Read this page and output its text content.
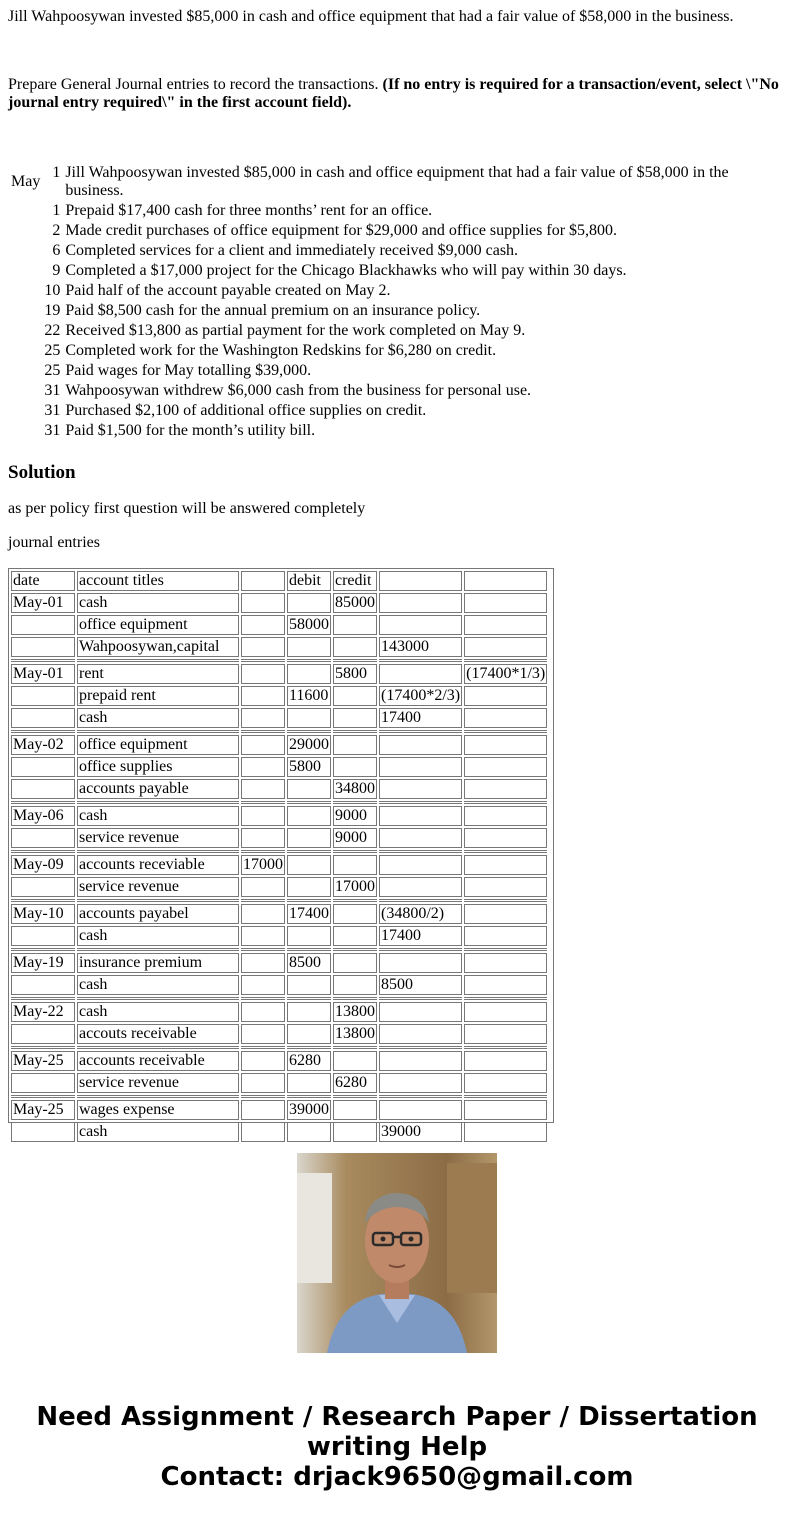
Jill Wahpoosywan invested $85,000 in cash and office equipment that had a fair value of $58,000 in the business.

Prepare General Journal entries to record the transactions. (If no entry is required for a transaction/event, select \"No journal entry required\" in the first account field).

May	1	Jill Wahpoosywan invested $85,000 in cash and office equipment that had a fair value of $58,000 in the business.
	1	Prepaid $17,400 cash for three months’ rent for an office.
	2	Made credit purchases of office equipment for $29,000 and office supplies for $5,800.
	6	Completed services for a client and immediately received $9,000 cash.
	9	Completed a $17,000 project for the Chicago Blackhawks who will pay within 30 days.
	10	Paid half of the account payable created on May 2.
	19	Paid $8,500 cash for the annual premium on an insurance policy.
	22	Received $13,800 as partial payment for the work completed on May 9.
	25	Completed work for the Washington Redskins for $6,280 on credit.
	25	Paid wages for May totalling $39,000.
	31	Wahpoosywan withdrew $6,000 cash from the business for personal use.
	31	Purchased $2,100 of additional office supplies on credit.
	31	Paid $1,500 for the month’s utility bill.
Solution

as per policy first question will be answered completely

journal entries

date	account titles		debit	credit		
May-01	cash			85000		
	office equipment		58000			
	Wahpoosywan,capital				143000	

May-01	rent			5800		(17400*1/3)
	prepaid rent		11600		(17400*2/3)	
	cash				17400	

May-02	office equipment		29000			
	office supplies		5800			
	accounts payable			34800		

May-06	cash			9000		
	service revenue			9000		

May-09	accounts receviable	17000				
	service revenue			17000		

May-10	accounts payabel		17400		(34800/2)	
	cash				17400	

May-19	insurance premium		8500			
	cash				8500	

May-22	cash			13800		
	accouts receivable			13800		

May-25	accounts receivable		6280			
	service revenue			6280		

May-25	wages expense		39000			
	cash				39000	
Need Assignment / Research Paper / Dissertation
writing Help
Contact: drjack9650@gmail.com
